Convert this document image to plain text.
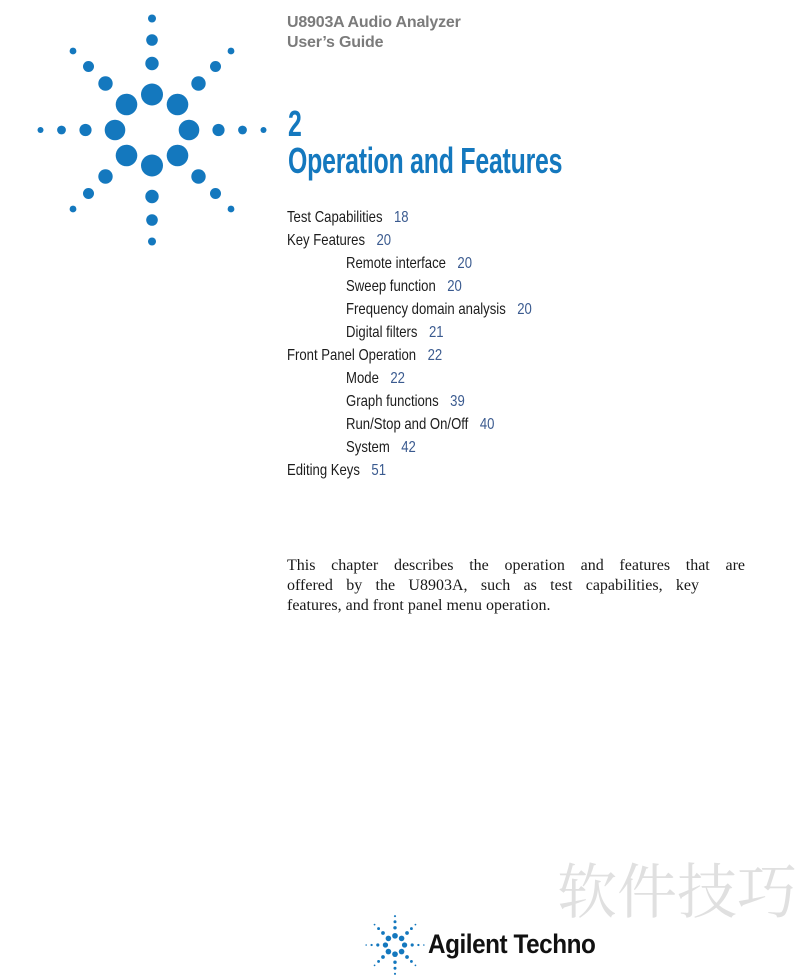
U8903A Audio Analyzer
User’s Guide
2
Operation and Features
Test Capabilities 18
Key Features 20
Remote interface 20
Sweep function 20
Frequency domain analysis 20
Digital filters 21
Front Panel Operation 22
Mode 22
Graph functions 39
Run/Stop and On/Off 40
System 42
Editing Keys 51
This chapter describes the operation and features that are
offered by the U8903A, such as test capabilities, key
features, and front panel menu operation.
软件技巧
Agilent Techno
